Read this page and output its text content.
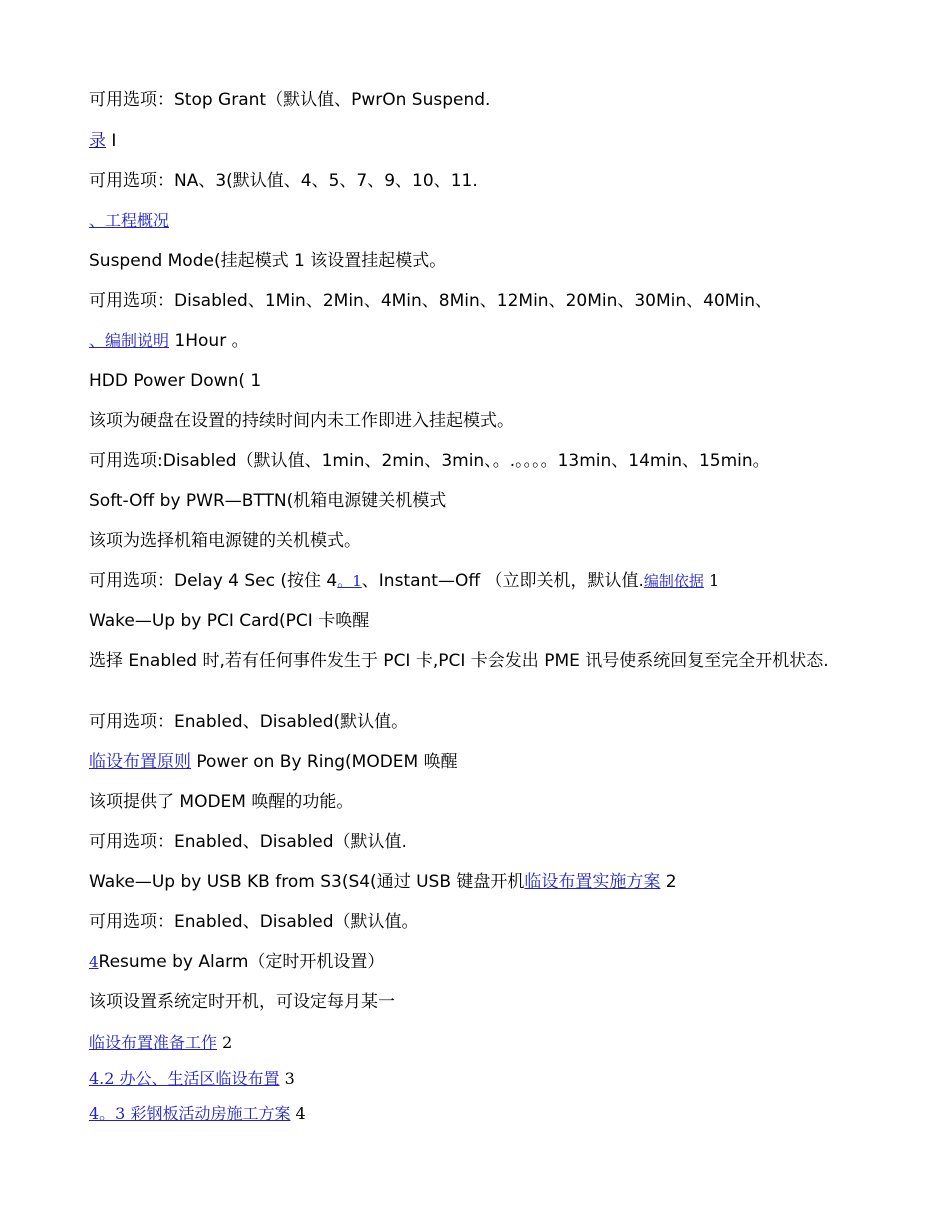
可用选项：Stop Grant（默认值、PwrOn Suspend.
录 I
可用选项：NA、3(默认值、4、5、7、9、10、11.
、工程概况
Suspend Mode(挂起模式 1 该设置挂起模式。
可用选项：Disabled、1Min、2Min、4Min、8Min、12Min、20Min、30Min、40Min、
、编制说明 1Hour 。
HDD Power Down( 1
该项为硬盘在设置的持续时间内未工作即进入挂起模式。
可用选项:Disabled（默认值、1min、2min、3min、。.。。。。13min、14min、15min。
Soft-Off by PWR—BTTN(机箱电源键关机模式
该项为选择机箱电源键的关机模式。
可用选项：Delay 4 Sec (按住 4。1、Instant—Off （立即关机，默认值.编制依据 1
Wake—Up by PCI Card(PCI 卡唤醒
选择 Enabled 时,若有任何事件发生于 PCI 卡,PCI 卡会发出 PME 讯号使系统回复至完全开机状态.
可用选项：Enabled、Disabled(默认值。
临设布置原则 Power on By Ring(MODEM 唤醒
该项提供了 MODEM 唤醒的功能。
可用选项：Enabled、Disabled（默认值.
Wake—Up by USB KB from S3(S4(通过 USB 键盘开机临设布置实施方案 2
可用选项：Enabled、Disabled（默认值。
4Resume by Alarm（定时开机设置）
该项设置系统定时开机，可设定每月某一
临设布置准备工作 2
4.2 办公、生活区临设布置 3
4。3 彩钢板活动房施工方案 4
